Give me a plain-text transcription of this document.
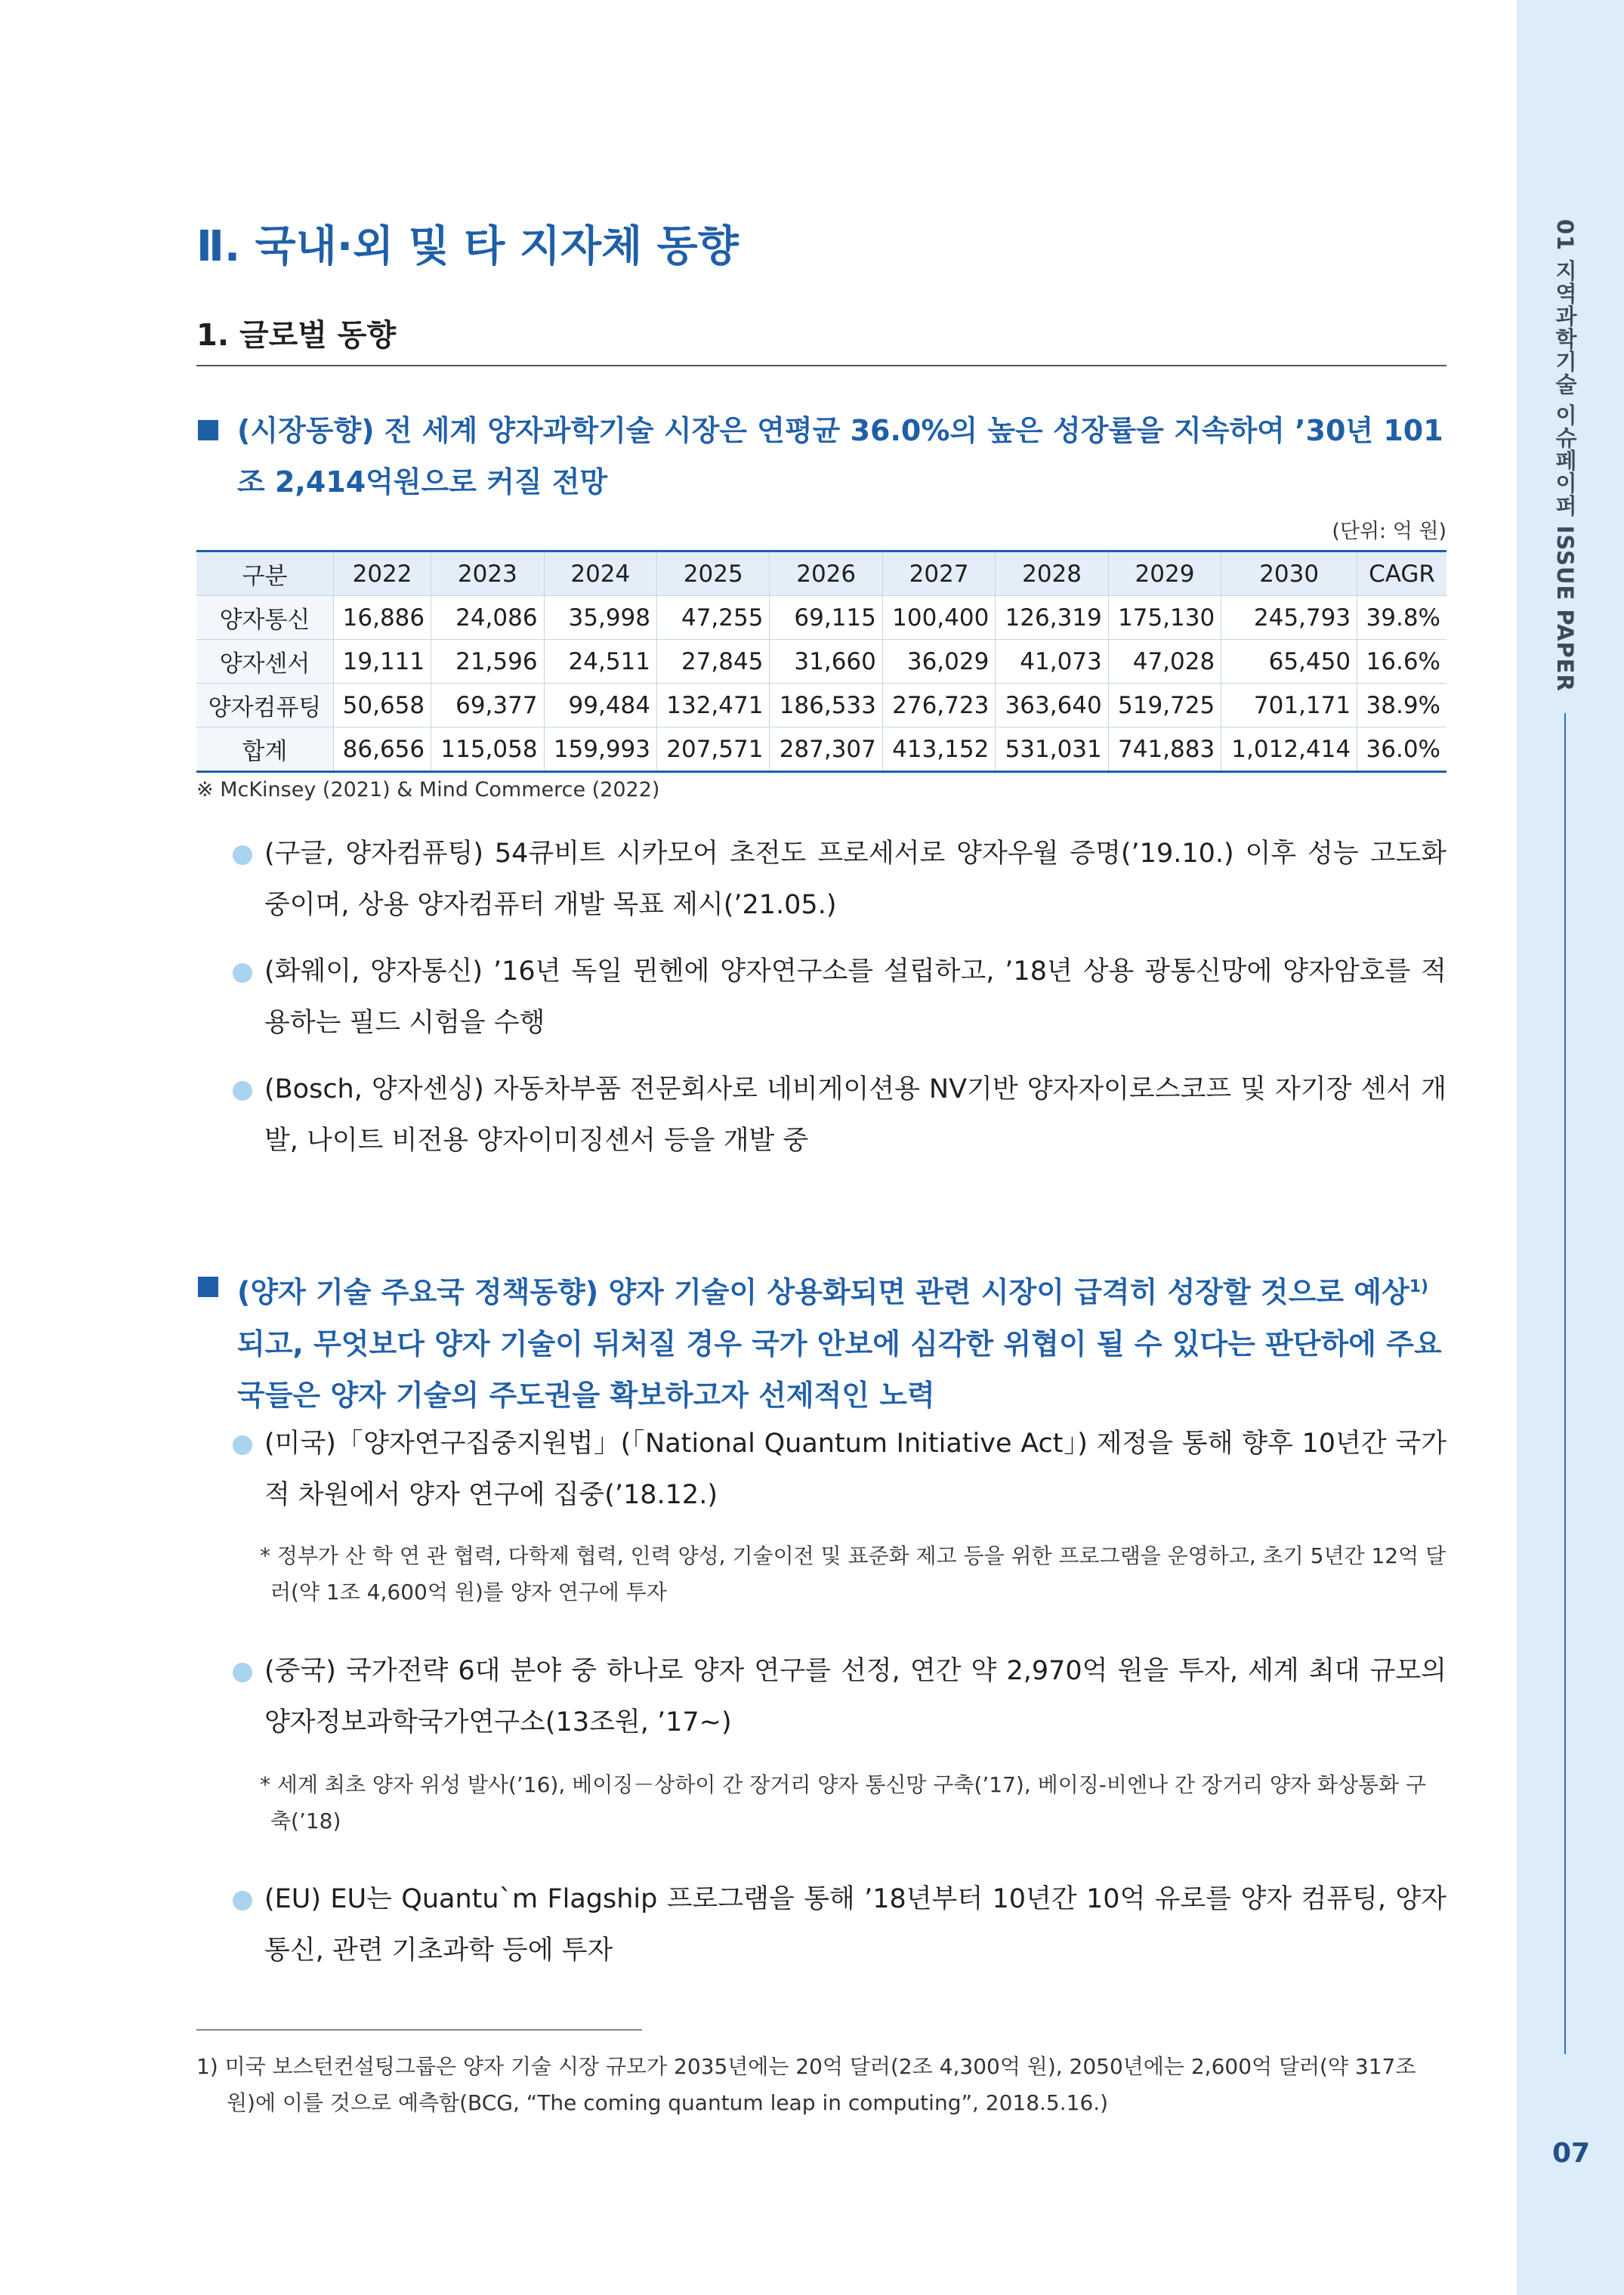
01 지역과학기술 이슈페이퍼 ISSUE PAPER
07
Ⅱ. 국내·외 및 타 지자체 동향
1. 글로벌 동향
(시장동향) 전 세계 양자과학기술 시장은 연평균 36.0%의 높은 성장률을 지속하여 ’30년 101조 2,414억원으로 커질 전망
(단위: 억 원)
구분	2022	2023	2024	2025	2026	2027	2028	2029	2030	CAGR
양자통신	16,886	24,086	35,998	47,255	69,115	100,400	126,319	175,130	245,793	39.8%
양자센서	19,111	21,596	24,511	27,845	31,660	36,029	41,073	47,028	65,450	16.6%
양자컴퓨팅	50,658	69,377	99,484	132,471	186,533	276,723	363,640	519,725	701,171	38.9%
합계	86,656	115,058	159,993	207,571	287,307	413,152	531,031	741,883	1,012,414	36.0%
※ McKinsey (2021) & Mind Commerce (2022)
(구글, 양자컴퓨팅) 54큐비트 시카모어 초전도 프로세서로 양자우월 증명(’19.10.) 이후 성능 고도화 중이며, 상용 양자컴퓨터 개발 목표 제시(’21.05.)
(화웨이, 양자통신) ’16년 독일 뮌헨에 양자연구소를 설립하고, ’18년 상용 광통신망에 양자암호를 적용하는 필드 시험을 수행
(Bosch, 양자센싱) 자동차부품 전문회사로 네비게이션용 NV기반 양자자이로스코프 및 자기장 센서 개발, 나이트 비전용 양자이미징센서 등을 개발 중
(양자 기술 주요국 정책동향) 양자 기술이 상용화되면 관련 시장이 급격히 성장할 것으로 예상$^{1)}$되고, 무엇보다 양자 기술이 뒤처질 경우 국가 안보에 심각한 위협이 될 수 있다는 판단하에 주요국들은 양자 기술의 주도권을 확보하고자 선제적인 노력
(미국)「양자연구집중지원법」(「National Quantum Initiative Act」) 제정을 통해 향후 10년간 국가적 차원에서 양자 연구에 집중(’18.12.)
* 정부가 산 학 연 관 협력, 다학제 협력, 인력 양성, 기술이전 및 표준화 제고 등을 위한 프로그램을 운영하고, 초기 5년간 12억 달러(약 1조 4,600억 원)를 양자 연구에 투자
(중국) 국가전략 6대 분야 중 하나로 양자 연구를 선정, 연간 약 2,970억 원을 투자, 세계 최대 규모의 양자정보과학국가연구소(13조원, ’17~)
* 세계 최초 양자 위성 발사(’16), 베이징－상하이 간 장거리 양자 통신망 구축(’17), 베이징-비엔나 간 장거리 양자 화상통화 구축(’18)
(EU) EU는 Quantu`m Flagship 프로그램을 통해 ’18년부터 10년간 10억 유로를 양자 컴퓨팅, 양자통신, 관련 기초과학 등에 투자
1) 미국 보스턴컨설팅그룹은 양자 기술 시장 규모가 2035년에는 20억 달러(2조 4,300억 원), 2050년에는 2,600억 달러(약 317조 원)에 이를 것으로 예측함(BCG, “The coming quantum leap in computing”, 2018.5.16.)
